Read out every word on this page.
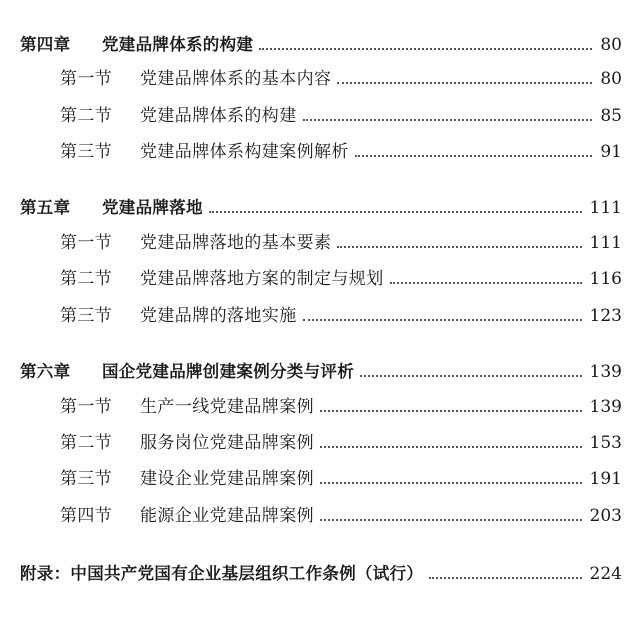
第四章 党建品牌体系的构建	80
第一节 党建品牌体系的基本内容	80
第二节 党建品牌体系的构建	85
第三节 党建品牌体系构建案例解析	91
第五章 党建品牌落地	111
第一节 党建品牌落地的基本要素	111
第二节 党建品牌落地方案的制定与规划	116
第三节 党建品牌的落地实施	123
第六章 国企党建品牌创建案例分类与评析	139
第一节 生产一线党建品牌案例	139
第二节 服务岗位党建品牌案例	153
第三节 建设企业党建品牌案例	191
第四节 能源企业党建品牌案例	203
附录：中国共产党国有企业基层组织工作条例（试行）	224
